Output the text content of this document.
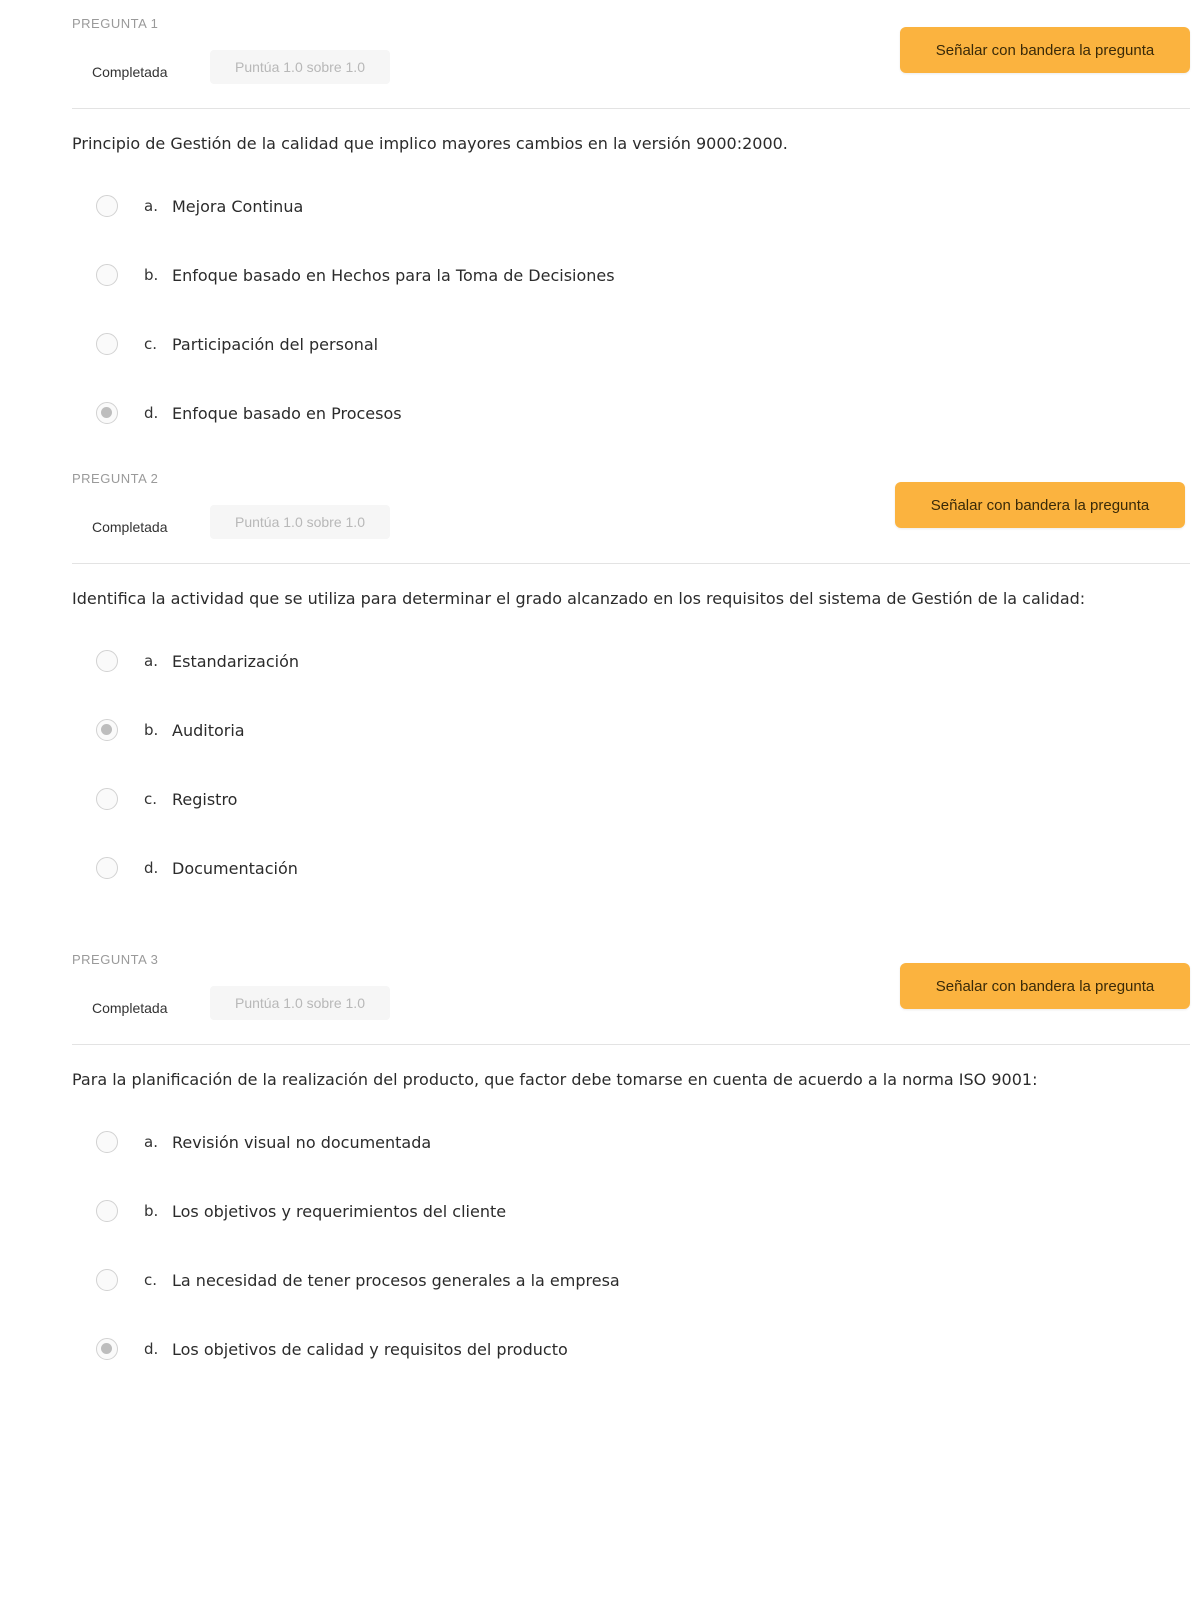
PREGUNTA 1
Completada	Puntúa 1.0 sobre 1.0
Señalar con bandera la pregunta
Principio de Gestión de la calidad que implico mayores cambios en la versión 9000:2000.
a. Mejora Continua
b. Enfoque basado en Hechos para la Toma de Decisiones
c. Participación del personal
d. Enfoque basado en Procesos
PREGUNTA 2
Completada	Puntúa 1.0 sobre 1.0
Señalar con bandera la pregunta
Identifica la actividad que se utiliza para determinar el grado alcanzado en los requisitos del sistema de Gestión de la calidad:
a. Estandarización
b. Auditoria
c. Registro
d. Documentación
PREGUNTA 3
Completada	Puntúa 1.0 sobre 1.0
Señalar con bandera la pregunta
Para la planificación de la realización del producto, que factor debe tomarse en cuenta de acuerdo a la norma ISO 9001:
a. Revisión visual no documentada
b. Los objetivos y requerimientos del cliente
c. La necesidad de tener procesos generales a la empresa
d. Los objetivos de calidad y requisitos del producto
